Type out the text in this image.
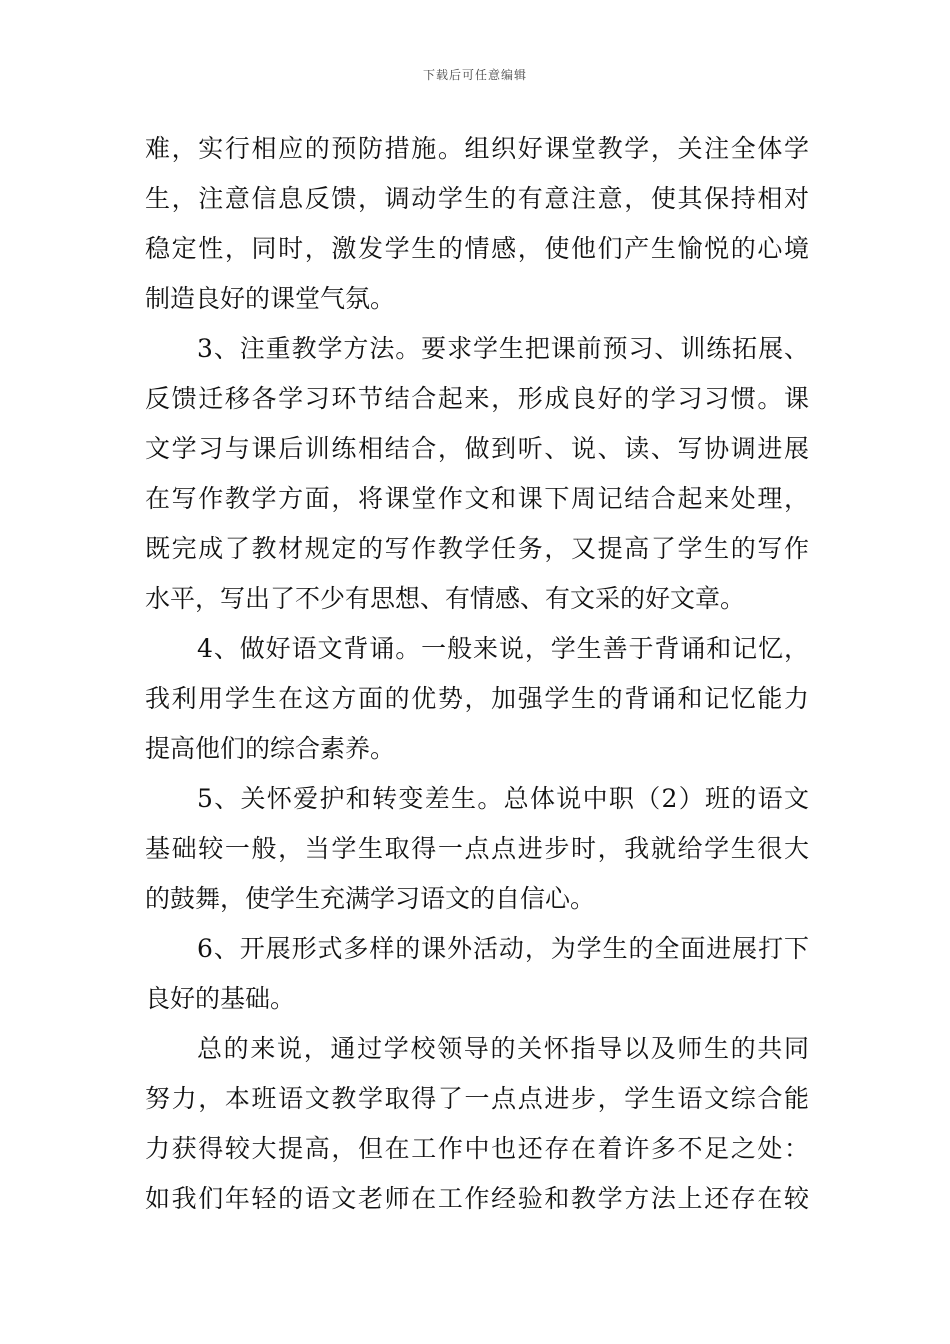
下载后可任意编辑
难，实行相应的预防措施。组织好课堂教学，关注全体学
生，注意信息反馈，调动学生的有意注意，使其保持相对
稳定性，同时，激发学生的情感，使他们产生愉悦的心境
制造良好的课堂气氛。
3、注重教学方法。要求学生把课前预习、训练拓展、
反馈迁移各学习环节结合起来，形成良好的学习习惯。课
文学习与课后训练相结合，做到听、说、读、写协调进展
在写作教学方面，将课堂作文和课下周记结合起来处理，
既完成了教材规定的写作教学任务，又提高了学生的写作
水平，写出了不少有思想、有情感、有文采的好文章。
4、做好语文背诵。一般来说，学生善于背诵和记忆，
我利用学生在这方面的优势，加强学生的背诵和记忆能力
提高他们的综合素养。
5、关怀爱护和转变差生。总体说中职（2）班的语文
基础较一般，当学生取得一点点进步时，我就给学生很大
的鼓舞，使学生充满学习语文的自信心。
6、开展形式多样的课外活动，为学生的全面进展打下
良好的基础。
总的来说，通过学校领导的关怀指导以及师生的共同
努力，本班语文教学取得了一点点进步，学生语文综合能
力获得较大提高，但在工作中也还存在着许多不足之处：
如我们年轻的语文老师在工作经验和教学方法上还存在较
